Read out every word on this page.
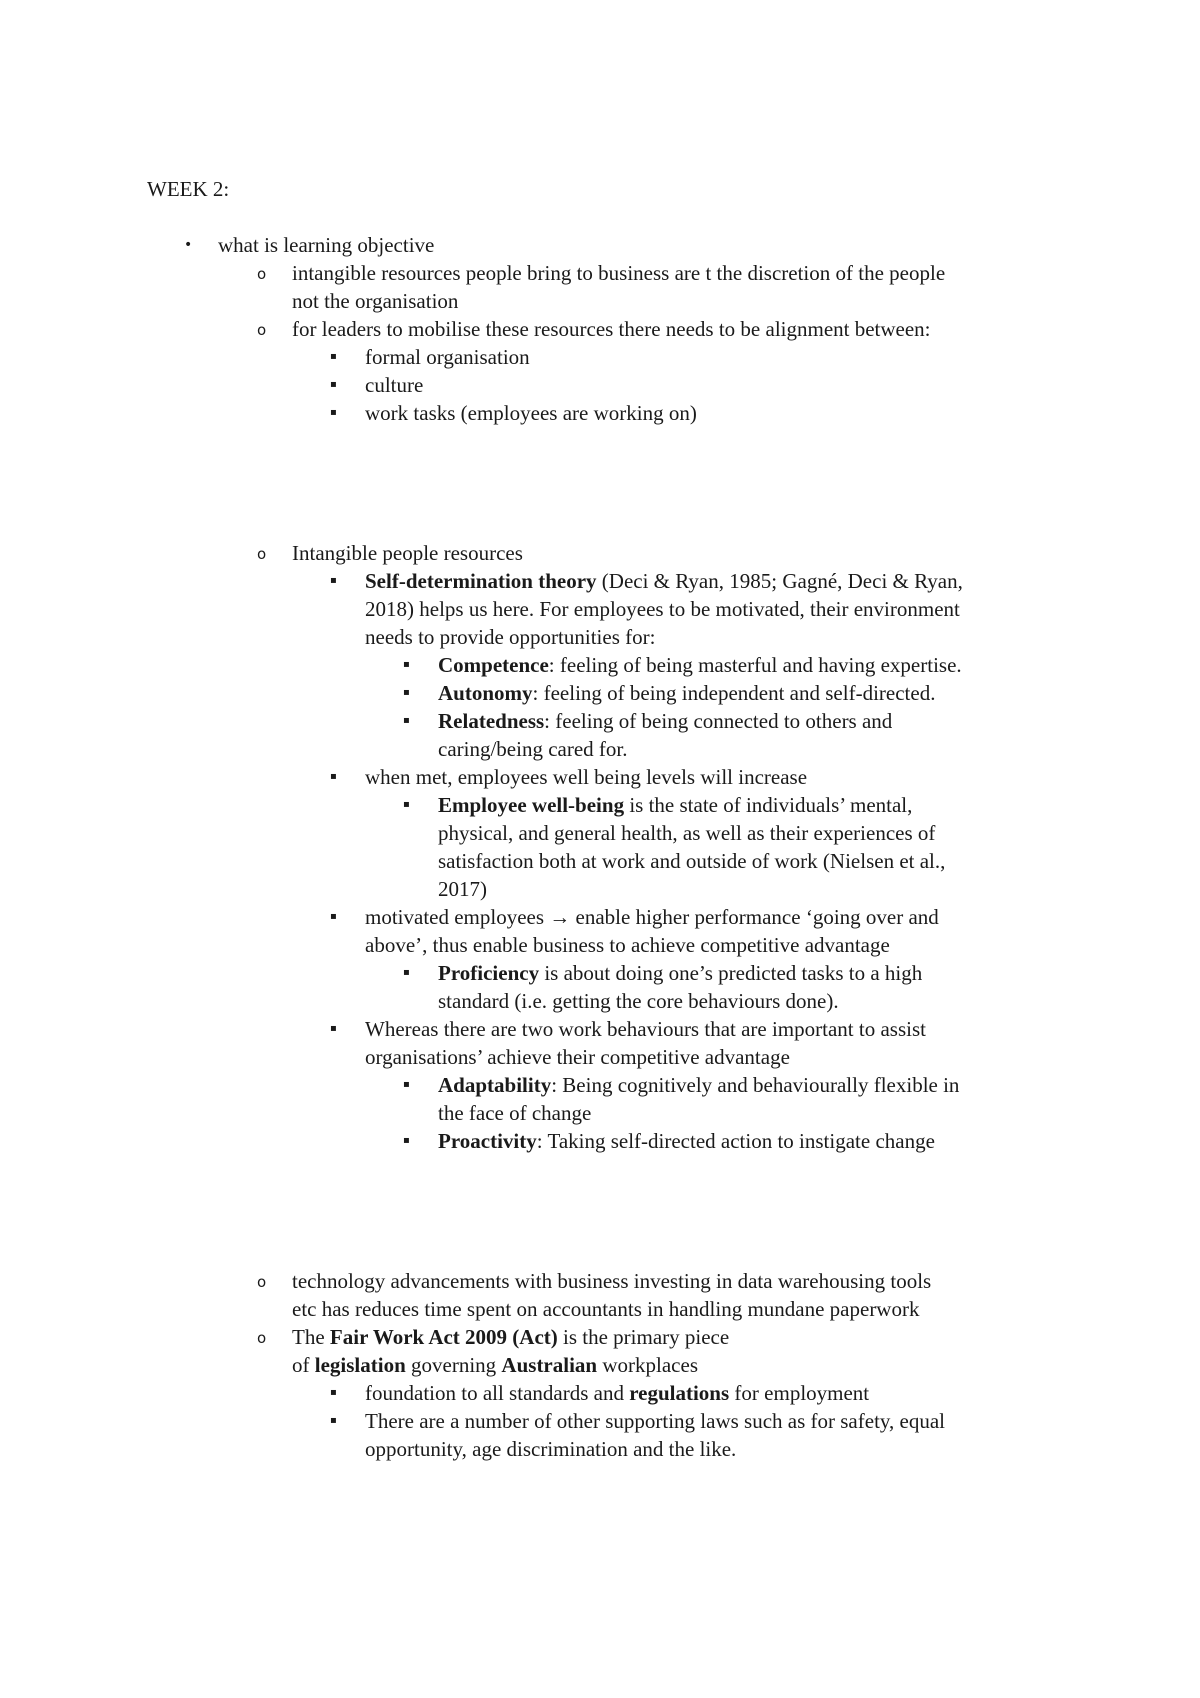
WEEK 2:
• what is learning objective

o intangible resources people bring to business are t the discretion of the people

not the organisation

o for leaders to mobilise these resources there needs to be alignment between:

▪ formal organisation

▪ culture

▪ work tasks (employees are working on)

o Intangible people resources

▪ Self-determination theory (Deci & Ryan, 1985; Gagné, Deci & Ryan,

2018) helps us here. For employees to be motivated, their environment

needs to provide opportunities for:

▪ Competence: feeling of being masterful and having expertise.

▪ Autonomy: feeling of being independent and self-directed.

▪ Relatedness: feeling of being connected to others and

caring/being cared for.

▪ when met, employees well being levels will increase

▪ Employee well-being is the state of individuals’ mental,

physical, and general health, as well as their experiences of

satisfaction both at work and outside of work (Nielsen et al.,

2017)

▪ motivated employees → enable higher performance ‘going over and

above’, thus enable business to achieve competitive advantage

▪ Proficiency is about doing one’s predicted tasks to a high

standard (i.e. getting the core behaviours done).

▪ Whereas there are two work behaviours that are important to assist

organisations’ achieve their competitive advantage

▪ Adaptability: Being cognitively and behaviourally flexible in

the face of change

▪ Proactivity: Taking self-directed action to instigate change

o technology advancements with business investing in data warehousing tools

etc has reduces time spent on accountants in handling mundane paperwork

o The Fair Work Act 2009 (Act) is the primary piece

of legislation governing Australian workplaces

▪ foundation to all standards and regulations for employment

▪ There are a number of other supporting laws such as for safety, equal

opportunity, age discrimination and the like.
